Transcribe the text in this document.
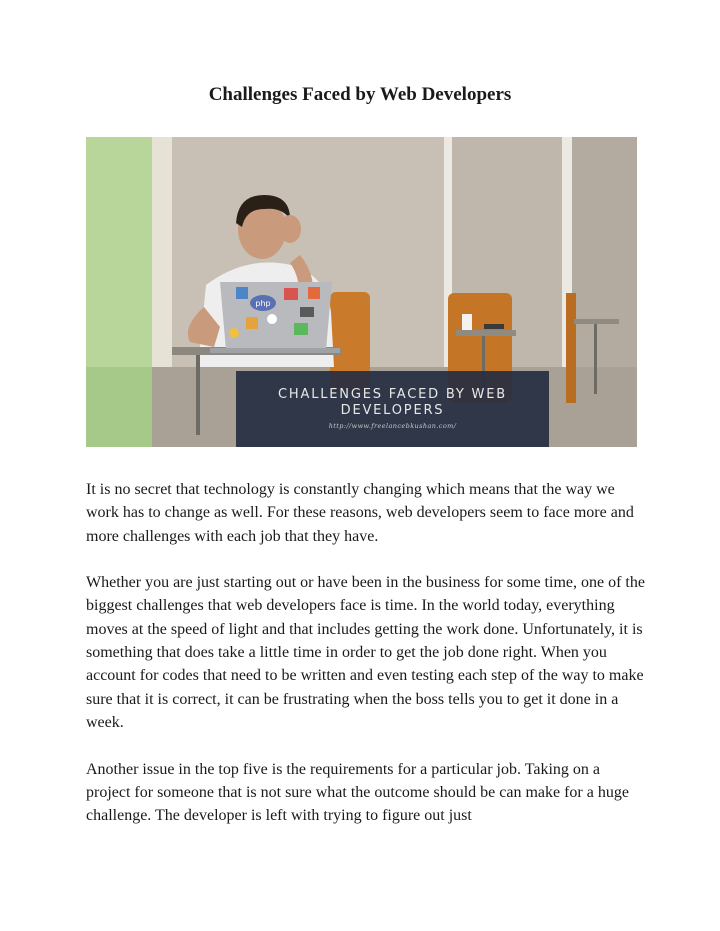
Challenges Faced by Web Developers
php
CHALLENGES FACED BY WEB DEVELOPERS
http://www.freelancebkushan.com/

It is no secret that technology is constantly changing which means that the way we work has to change as well. For these reasons, web developers seem to face more and more challenges with each job that they have.

Whether you are just starting out or have been in the business for some time, one of the biggest challenges that web developers face is time. In the world today, everything moves at the speed of light and that includes getting the work done. Unfortunately, it is something that does take a little time in order to get the job done right. When you account for codes that need to be written and even testing each step of the way to make sure that it is correct, it can be frustrating when the boss tells you to get it done in a week.

Another issue in the top five is the requirements for a particular job. Taking on a project for someone that is not sure what the outcome should be can make for a huge challenge. The developer is left with trying to figure out just
